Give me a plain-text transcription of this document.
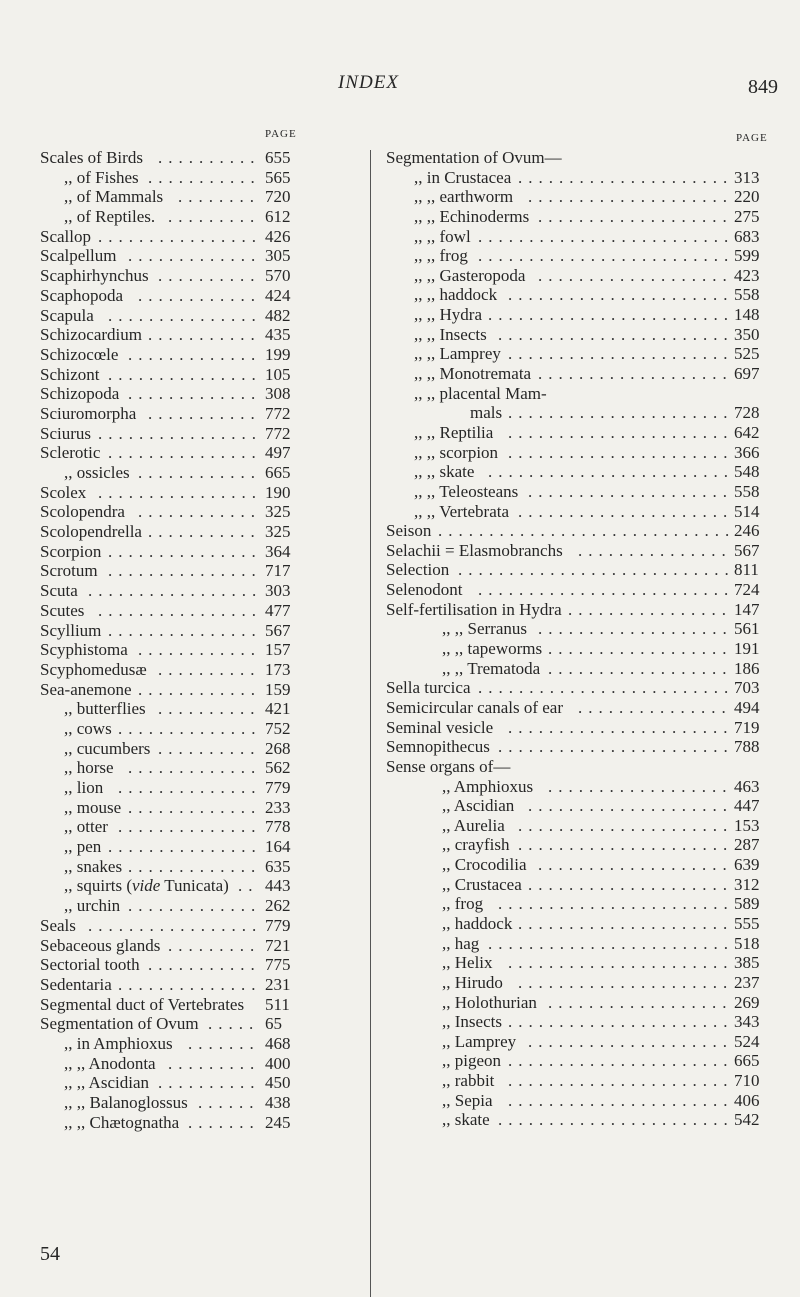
INDEX	849
PAGE
Scales of Birds .......... 655
,, of Fishes ........... 565
,, of Mammals ........ 720
,, of Reptiles. ......... 612
Scallop ................ 426
Scalpellum ............. 305
Scaphirhynchus .......... 570
Scaphopoda ............ 424
Scapula ............... 482
Schizocardium ........... 435
Schizocœle ............. 199
Schizont ............... 105
Schizopoda ............. 308
Sciuromorpha ........... 772
Sciurus ................ 772
Sclerotic ............... 497
,, ossicles ............ 665
Scolex ................ 190
Scolopendra ............ 325
Scolopendrella ........... 325
Scorpion ............... 364
Scrotum ............... 717
Scuta ................. 303
Scutes ................ 477
Scyllium ............... 567
Scyphistoma ............ 157
Scyphomedusæ .......... 173
Sea-anemone ............ 159
,, butterflies .......... 421
,, cows .............. 752
,, cucumbers .......... 268
,, horse ............. 562
,, lion .............. 779
,, mouse ............. 233
,, otter .............. 778
,, pen ............... 164
,, snakes ............. 635
,, squirts (vide Tunicata) .. 443
,, urchin ............. 262
Seals ................. 779
Sebaceous glands ......... 721
Sectorial tooth ........... 775
Sedentaria .............. 231
Segmental duct of Vertebrates 511
Segmentation of Ovum ..... 65
,, in Amphioxus ....... 468
,, ,, Anodonta ......... 400
,, ,, Ascidian .......... 450
,, ,, Balanoglossus ...... 438
,, ,, Chætognatha ....... 245
PAGE
Segmentation of Ovum—
,, in Crustacea ..................... 313
,, ,, earthworm .................... 220
,, ,, Echinoderms ................... 275
,, ,, fowl ......................... 683
,, ,, frog ......................... 599
,, ,, Gasteropoda ................... 423
,, ,, haddock ...................... 558
,, ,, Hydra ........................ 148
,, ,, Insects ....................... 350
,, ,, Lamprey ...................... 525
,, ,, Monotremata ................... 697
,, ,, placental Mam-
mals ...................... 728
,, ,, Reptilia ...................... 642
,, ,, scorpion ...................... 366
,, ,, skate ........................ 548
,, ,, Teleosteans .................... 558
,, ,, Vertebrata ..................... 514
Seison .............................
246
Selachii = Elasmobranchs ............... 567
Selection ........................... 811
Selenodont ......................... 724
Self-fertilisation in Hydra ................ 147
,, ,, Serranus ................... 561
,, ,, tapeworms .................. 191
,, ,, Trematoda .................. 186
Sella turcica ......................... 703
Semicircular canals of ear ............... 494
Seminal vesicle ...................... 719
Semnopithecus ....................... 788
Sense organs of—
,, Amphioxus .................. 463
,, Ascidian .................... 447
,, Aurelia ..................... 153
,, crayfish ..................... 287
,, Crocodilia ................... 639
,, Crustacea .................... 312
,, frog ....................... 589
,, haddock ..................... 555
,, hag ........................ 518
,, Helix ...................... 385
,, Hirudo ..................... 237
,, Holothurian .................. 269
,, Insects ...................... 343
,, Lamprey .................... 524
,, pigeon ...................... 665
,, rabbit ...................... 710
,, Sepia ...................... 406
,, skate ....................... 542
54
